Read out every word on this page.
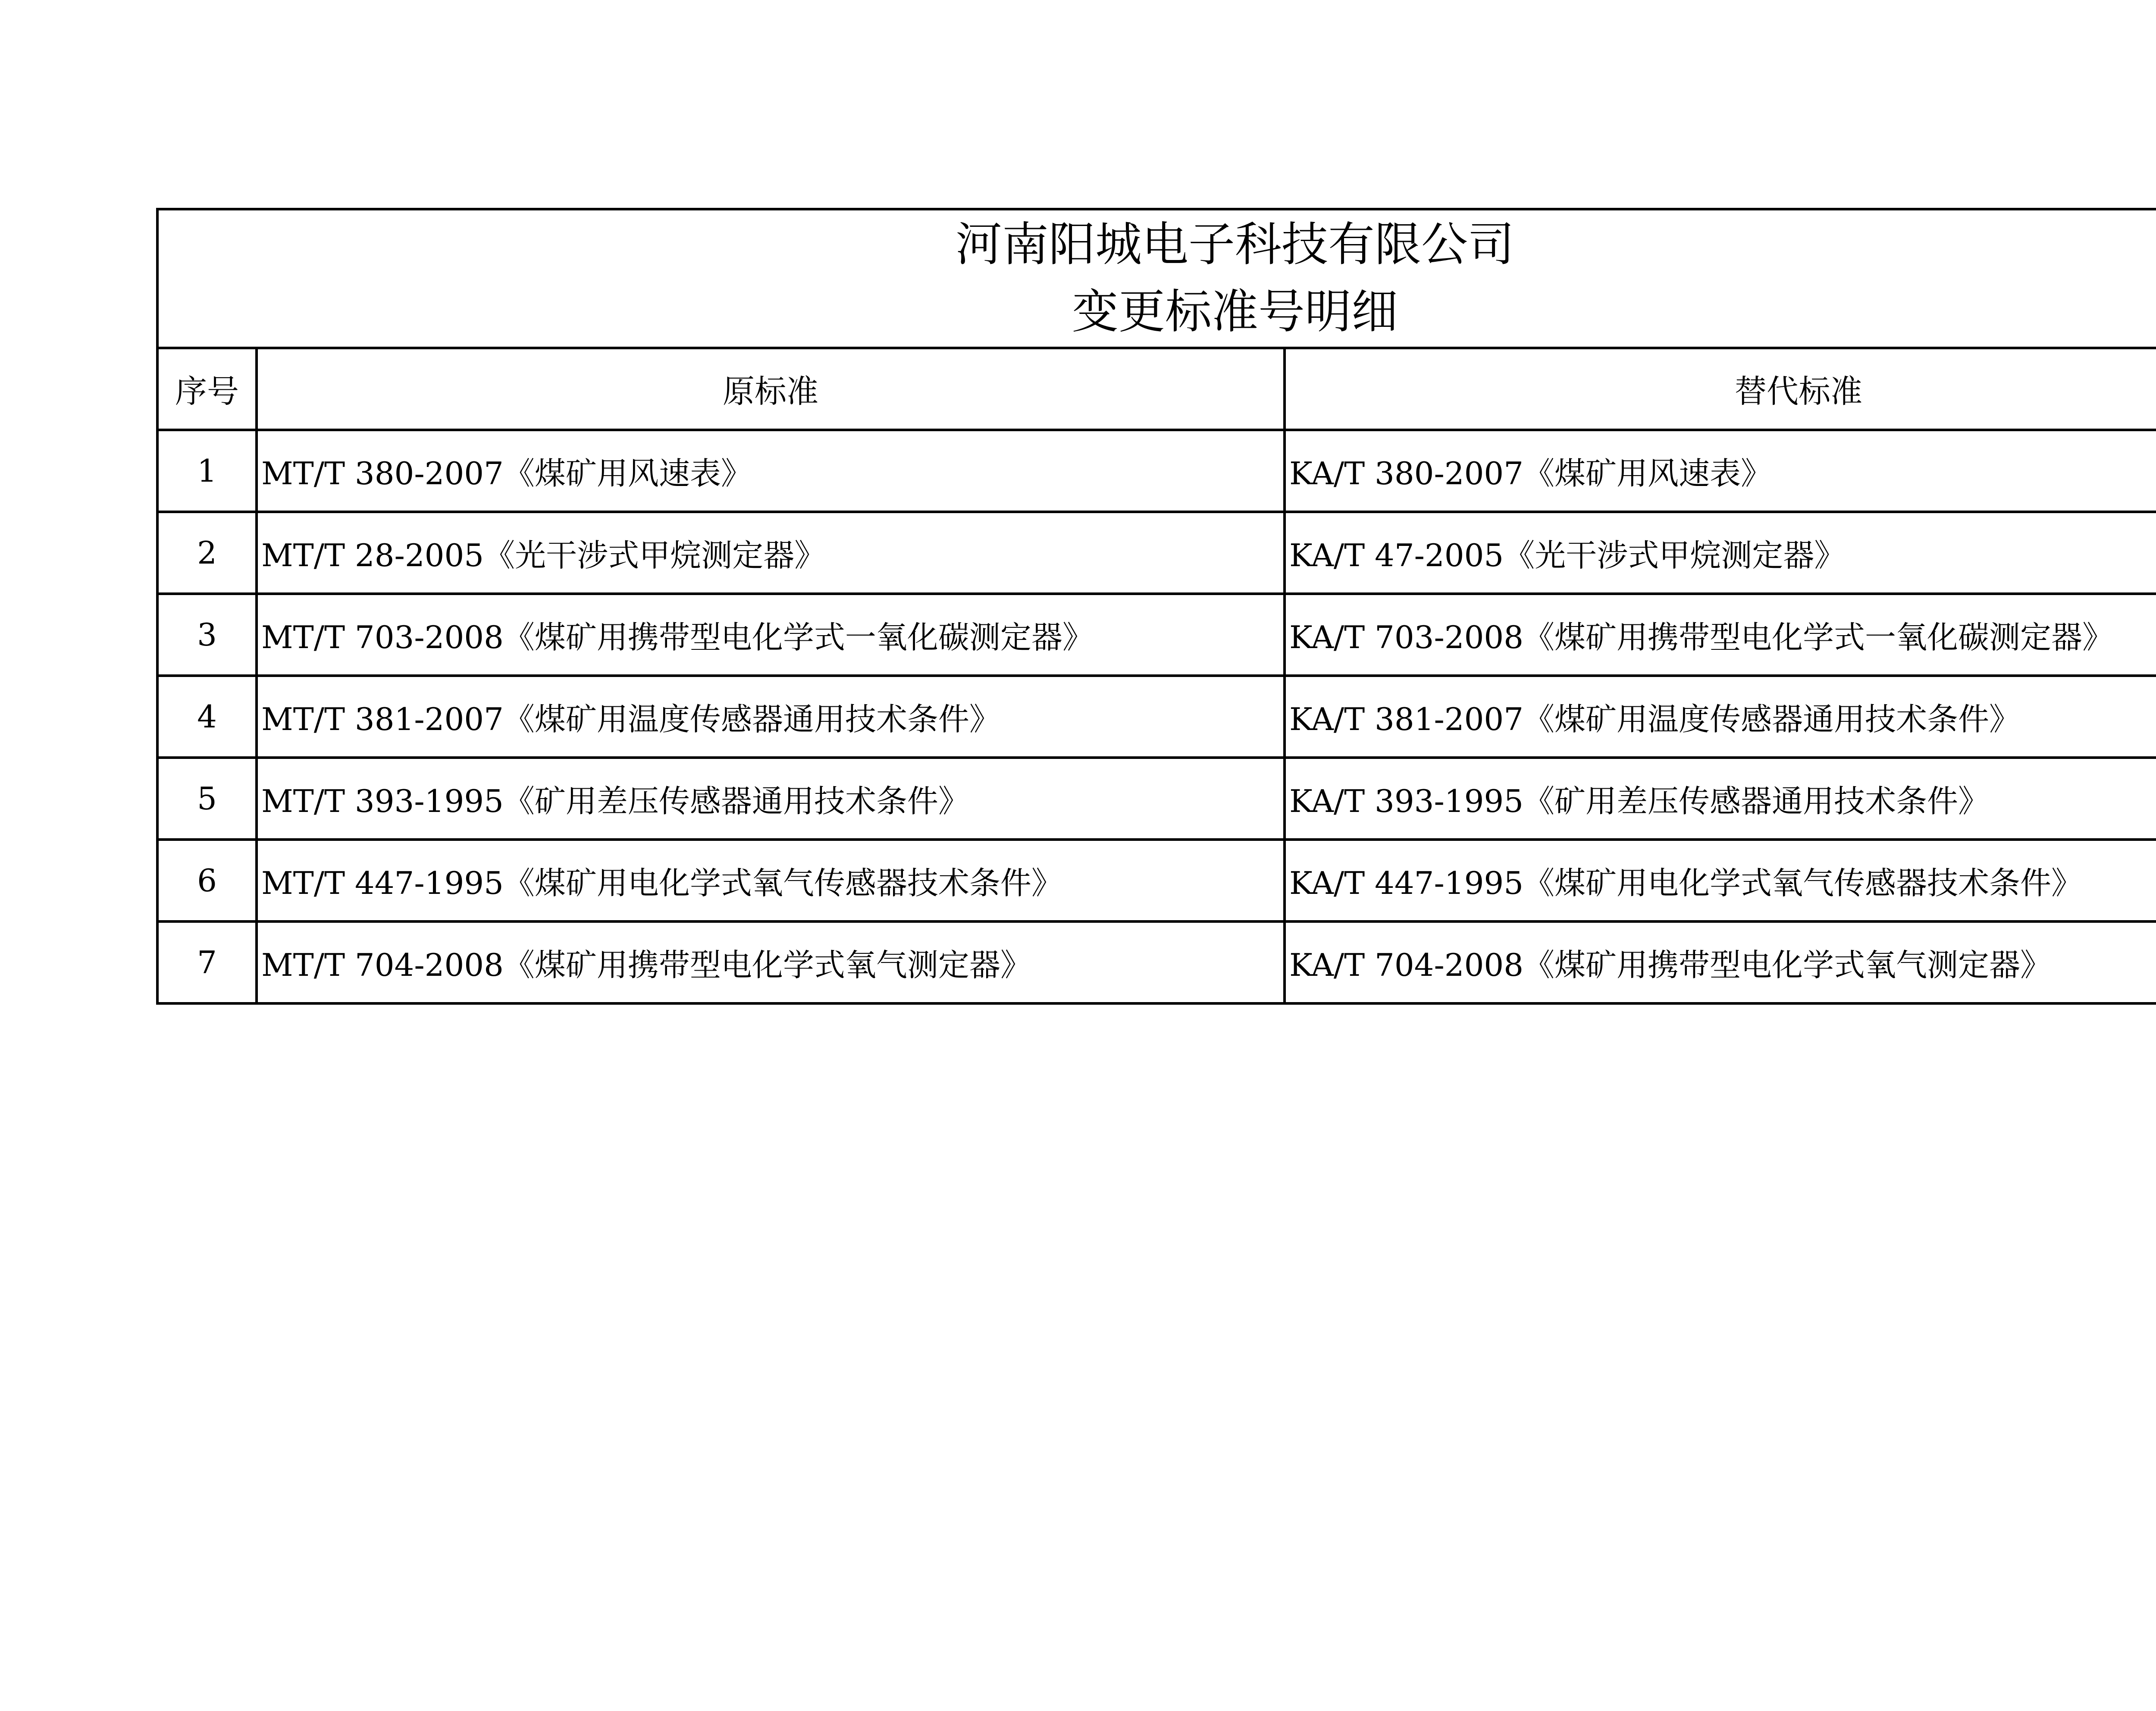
河南阳城电子科技有限公司
变更标准号明细		

序号	原标准	替代标准
1	MT/T 380-2007《煤矿用风速表》	KA/T 380-2007《煤矿用风速表》
2	MT/T 28-2005《光干涉式甲烷测定器》	KA/T 47-2005《光干涉式甲烷测定器》
3	MT/T 703-2008《煤矿用携带型电化学式一氧化碳测定器》	KA/T 703-2008《煤矿用携带型电化学式一氧化碳测定器》
4	MT/T 381-2007《煤矿用温度传感器通用技术条件》	KA/T 381-2007《煤矿用温度传感器通用技术条件》
5	MT/T 393-1995《矿用差压传感器通用技术条件》	KA/T 393-1995《矿用差压传感器通用技术条件》
6	MT/T 447-1995《煤矿用电化学式氧气传感器技术条件》	KA/T 447-1995《煤矿用电化学式氧气传感器技术条件》
7	MT/T 704-2008《煤矿用携带型电化学式氧气测定器》	KA/T 704-2008《煤矿用携带型电化学式氧气测定器》
